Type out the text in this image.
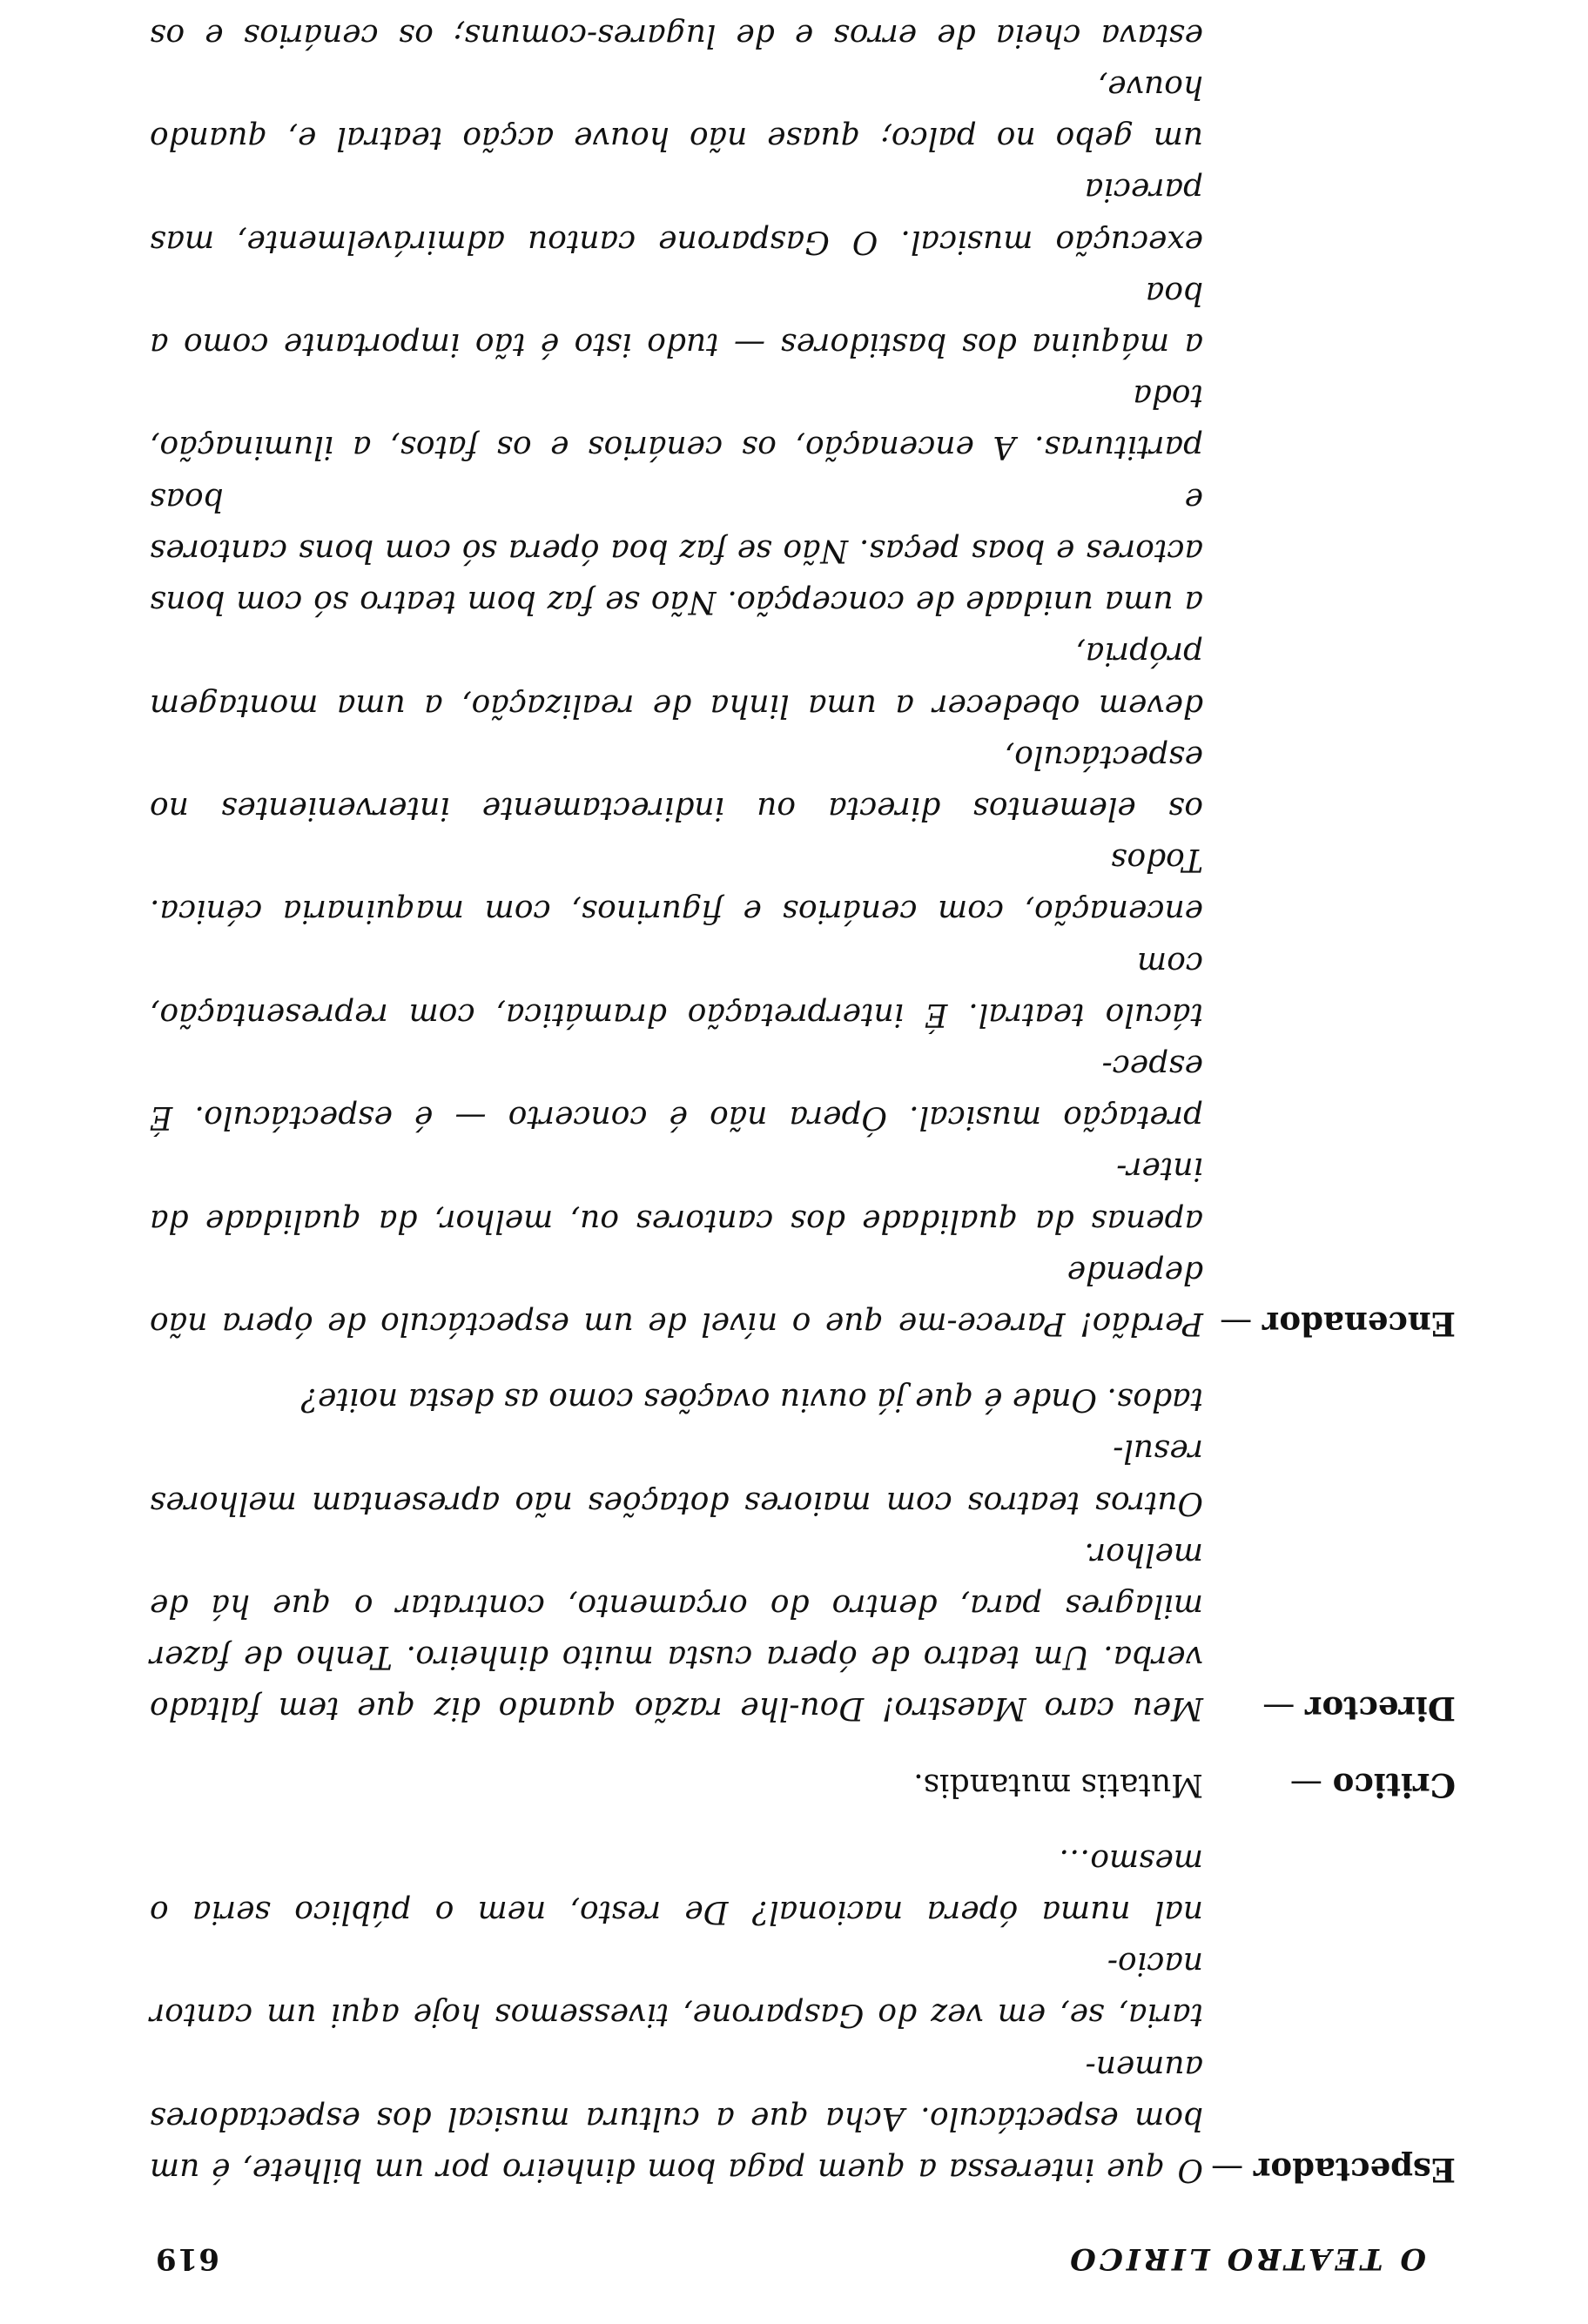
O TEATRO LIRICO
619
Espectador —
O que interessa a quem paga bom dinheiro por um bilhete, é um
bom espectáculo. Acha que a cultura musical dos espectadores aumen-
taria, se, em vez do Gasparone, tivessemos hoje aqui um cantor nacio-
nal numa ópera nacional? De resto, nem o público seria o mesmo…
Critico —
Mutatis mutandis.
Director —
Meu caro Maestro! Dou-lhe razão quando diz que tem faltado
verba. Um teatro de ópera custa muito dinheiro. Tenho de fazer
milagres para, dentro do orçamento, contratar o que há de melhor.
Outros teatros com maiores dotações não apresentam melhores resul-
tados. Onde é que já ouviu ovações como as desta noite?
Encenador —
Perdão! Parece-me que o nível de um espectáculo de ópera não depende
apenas da qualidade dos cantores ou, melhor, da qualidade da inter-
pretação musical. Ópera não é concerto — é espectáculo. É espec-
táculo teatral. É interpretação dramática, com representação, com
encenação, com cenários e figurinos, com maquinaria cénica. Todos
os elementos directa ou indirectamente intervenientes no espectáculo,
devem obedecer a uma linha de realização, a uma montagem própria,
a uma unidade de concepção. Não se faz bom teatro só com bons
actores e boas peças. Não se faz boa ópera só com bons cantores e boas
partituras. A encenação, os cenários e os fatos, a iluminação, toda
a máquina dos bastidores — tudo isto é tão importante como a boa
execução musical. O Gasparone cantou admirávelmente, mas parecia
um gebo no palco; quase não houve acção teatral e, quando houve,
estava cheia de erros e de lugares-comuns; os cenários e os
